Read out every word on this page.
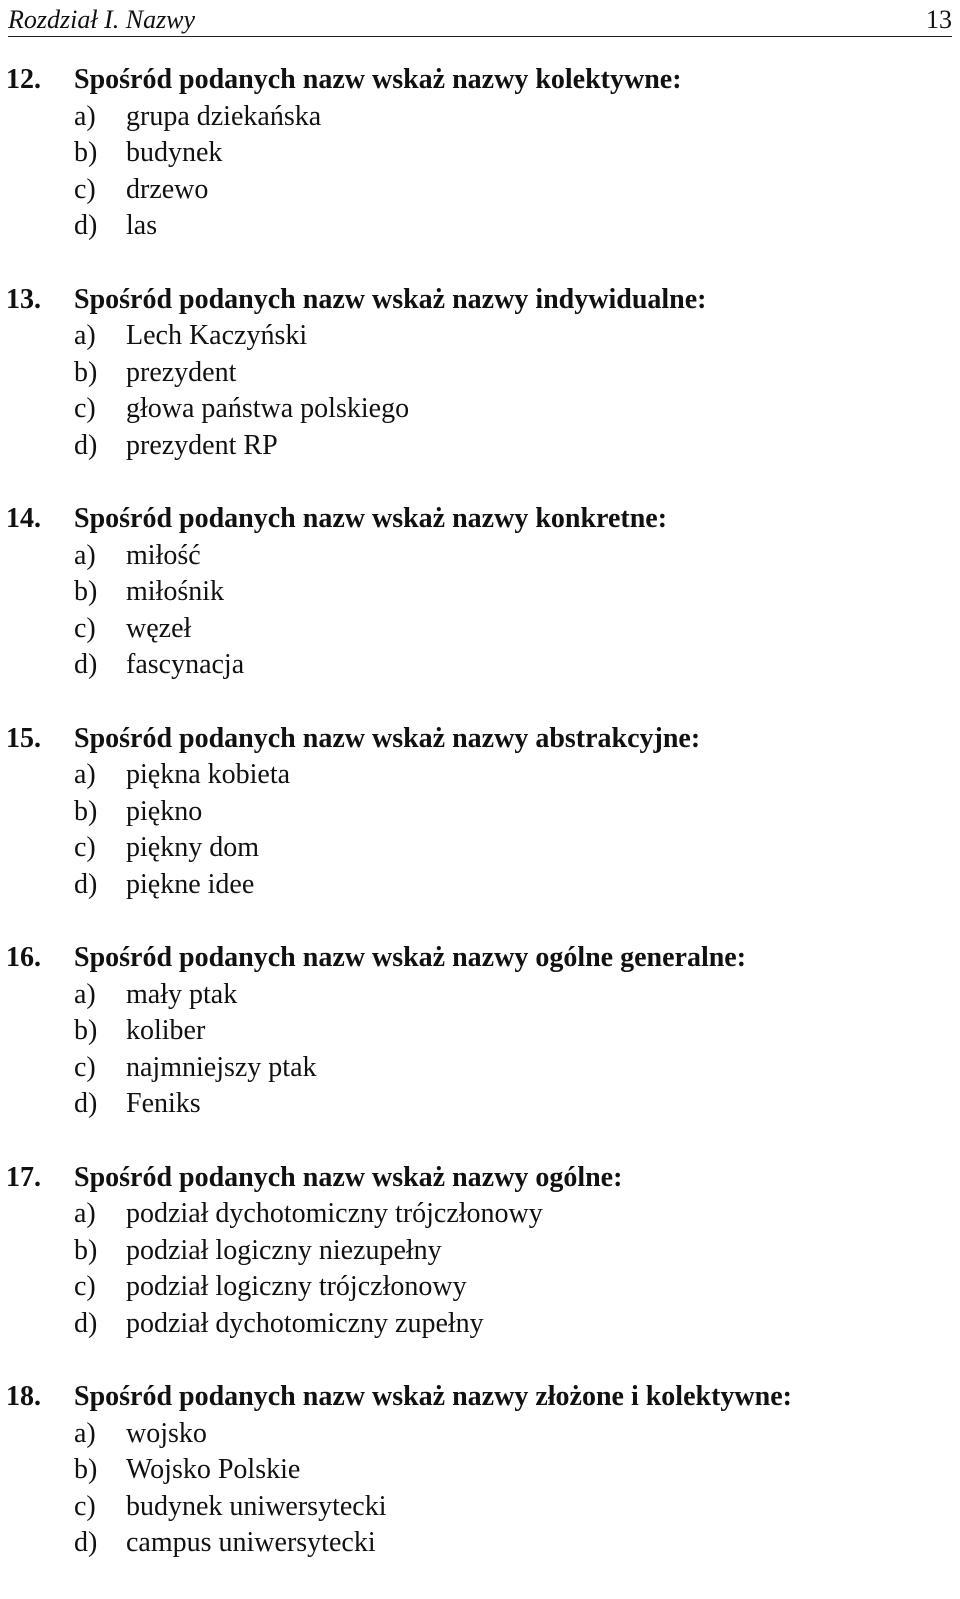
Rozdział I. Nazwy	13
12.	Spośród podanych nazw wskaż nazwy kolektywne:
a)	grupa dziekańska
b)	budynek
c)	drzewo
d)	las
13.	Spośród podanych nazw wskaż nazwy indywidualne:
a)	Lech Kaczyński
b)	prezydent
c)	głowa państwa polskiego
d)	prezydent RP
14.	Spośród podanych nazw wskaż nazwy konkretne:
a)	miłość
b)	miłośnik
c)	węzeł
d)	fascynacja
15.	Spośród podanych nazw wskaż nazwy abstrakcyjne:
a)	piękna kobieta
b)	piękno
c)	piękny dom
d)	piękne idee
16.	Spośród podanych nazw wskaż nazwy ogólne generalne:
a)	mały ptak
b)	koliber
c)	najmniejszy ptak
d)	Feniks
17.	Spośród podanych nazw wskaż nazwy ogólne:
a)	podział dychotomiczny trójczłonowy
b)	podział logiczny niezupełny
c)	podział logiczny trójczłonowy
d)	podział dychotomiczny zupełny
18.	Spośród podanych nazw wskaż nazwy złożone i kolektywne:
a)	wojsko
b)	Wojsko Polskie
c)	budynek uniwersytecki
d)	campus uniwersytecki
